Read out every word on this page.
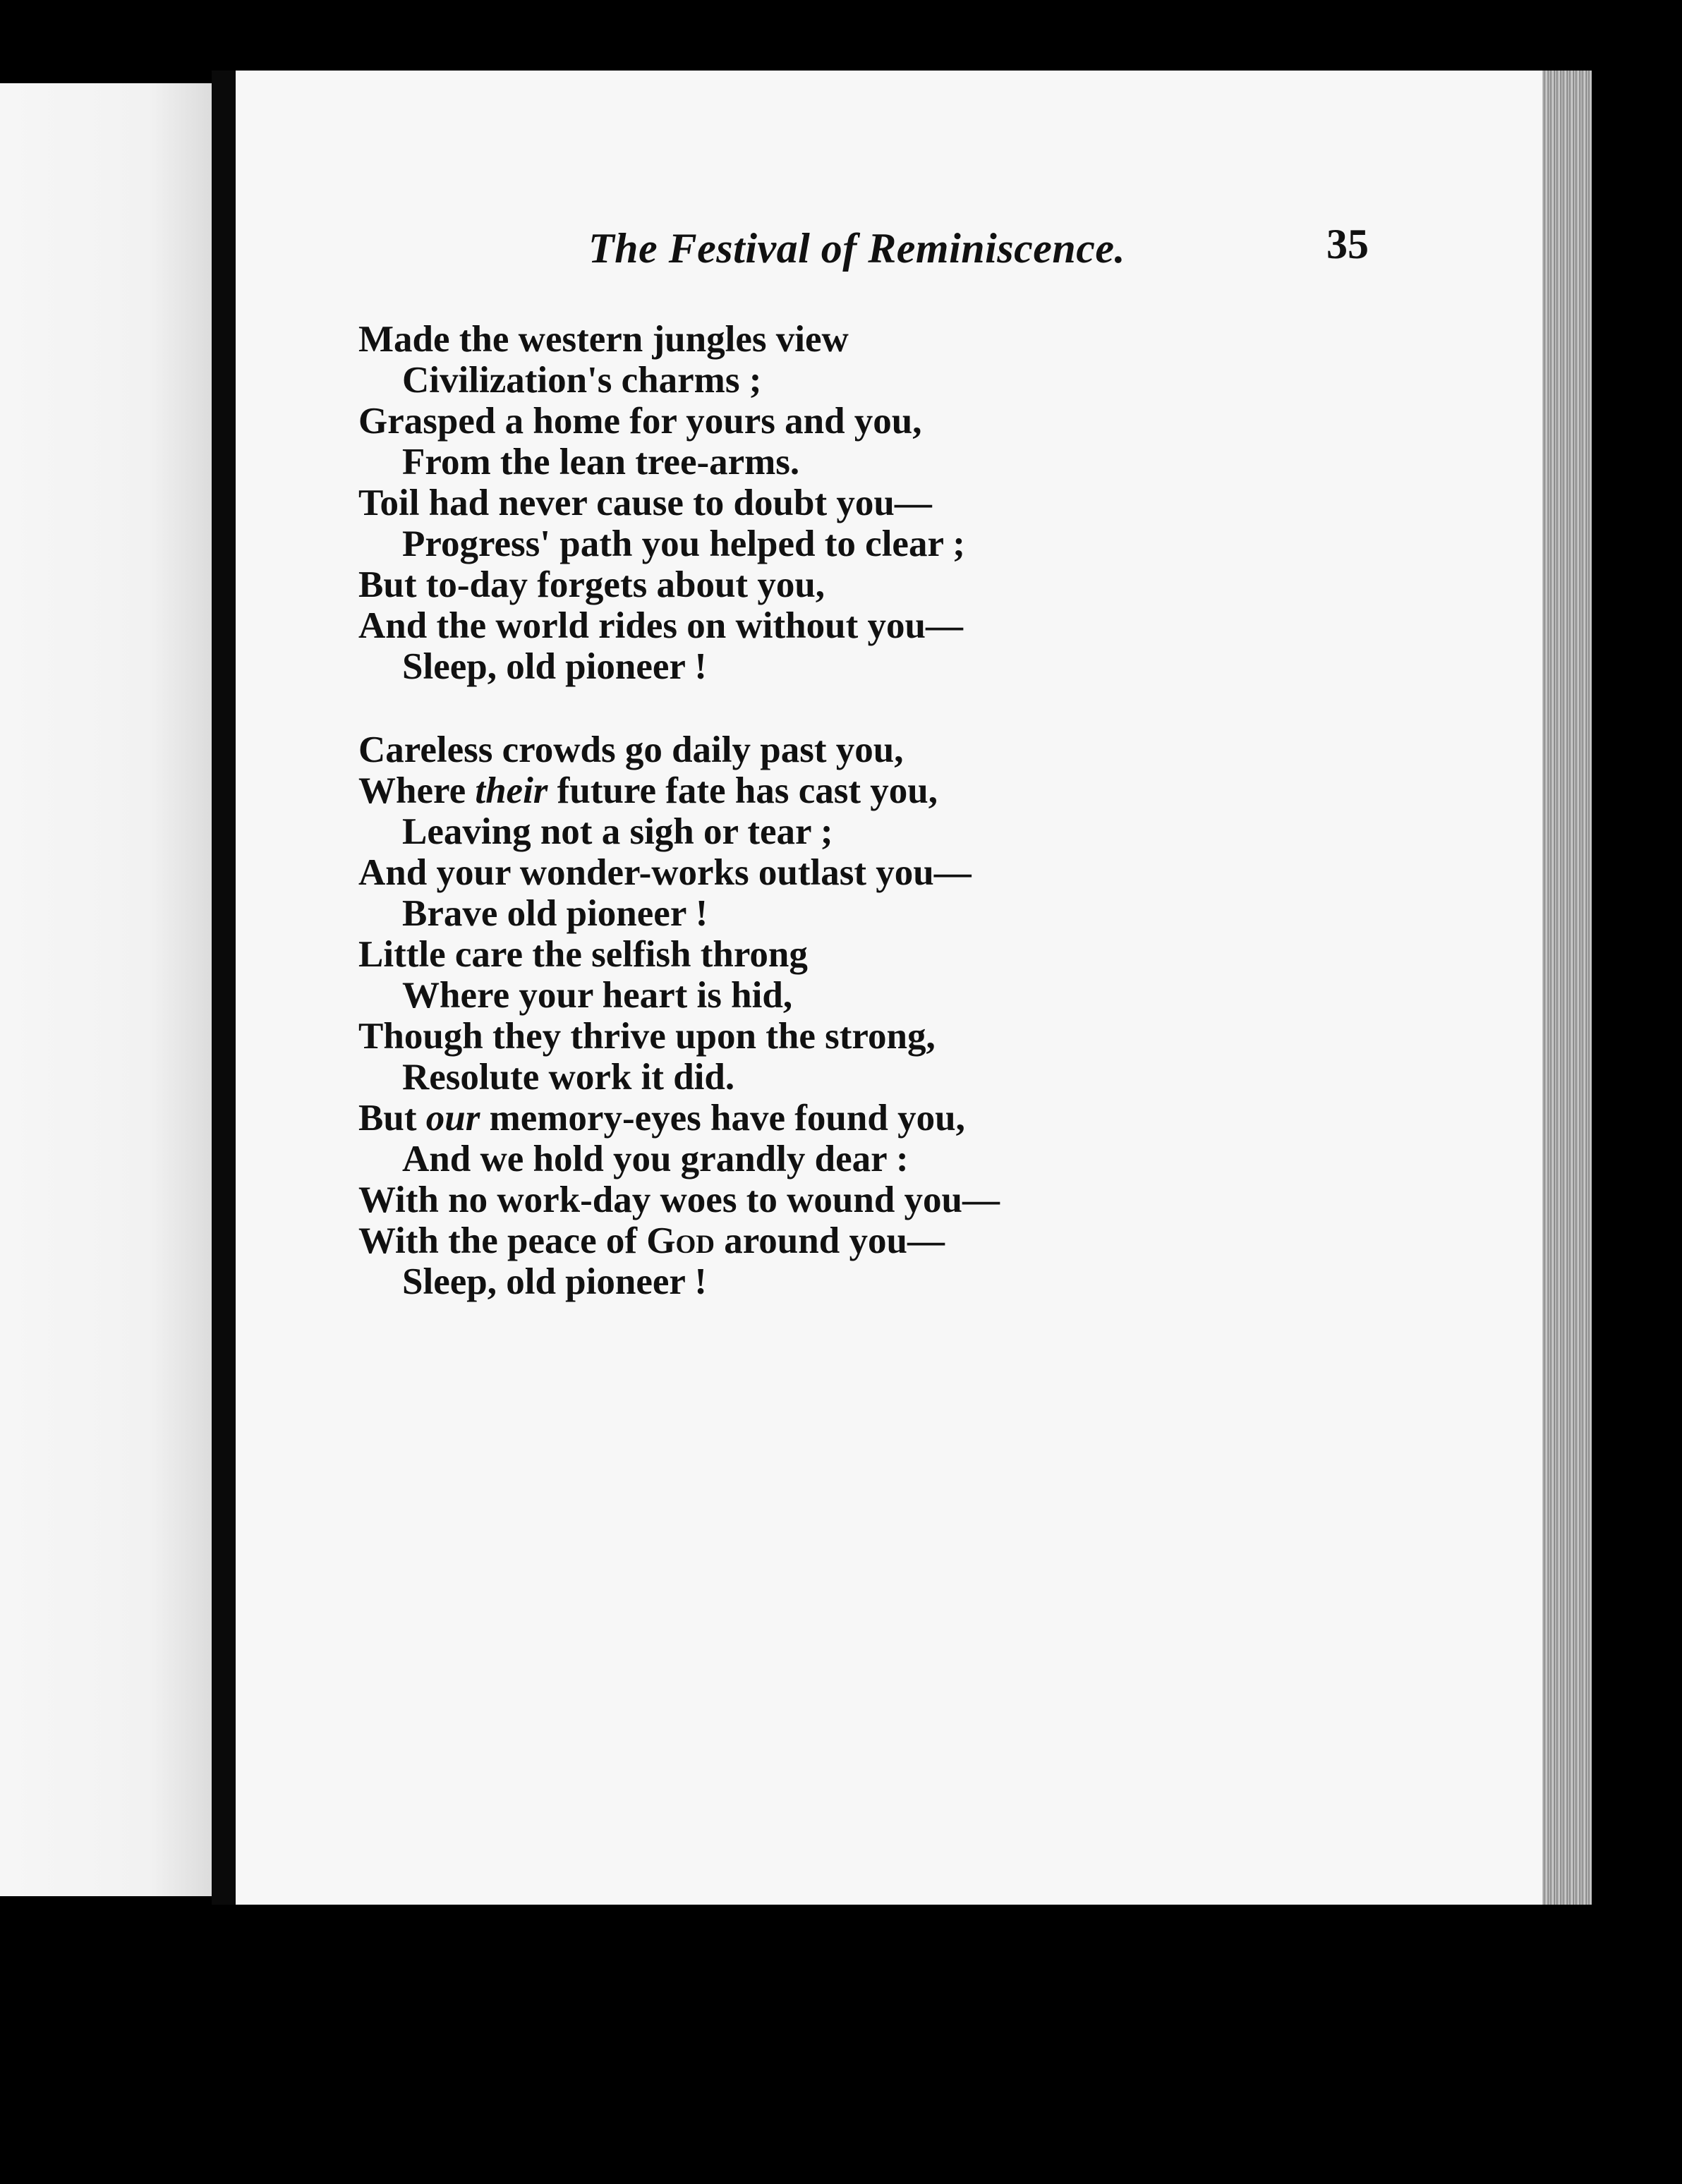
The Festival of Reminiscence.	35
Made the western jungles view
Civilization's charms ;
Grasped a home for yours and you,
From the lean tree-arms.
Toil had never cause to doubt you—
Progress' path you helped to clear ;
But to-day forgets about you,
And the world rides on without you—
Sleep, old pioneer !
Careless crowds go daily past you,
Where their future fate has cast you,
Leaving not a sigh or tear ;
And your wonder-works outlast you—
Brave old pioneer !
Little care the selfish throng
Where your heart is hid,
Though they thrive upon the strong,
Resolute work it did.
But our memory-eyes have found you,
And we hold you grandly dear :
With no work-day woes to wound you—
With the peace of God around you—
Sleep, old pioneer !
